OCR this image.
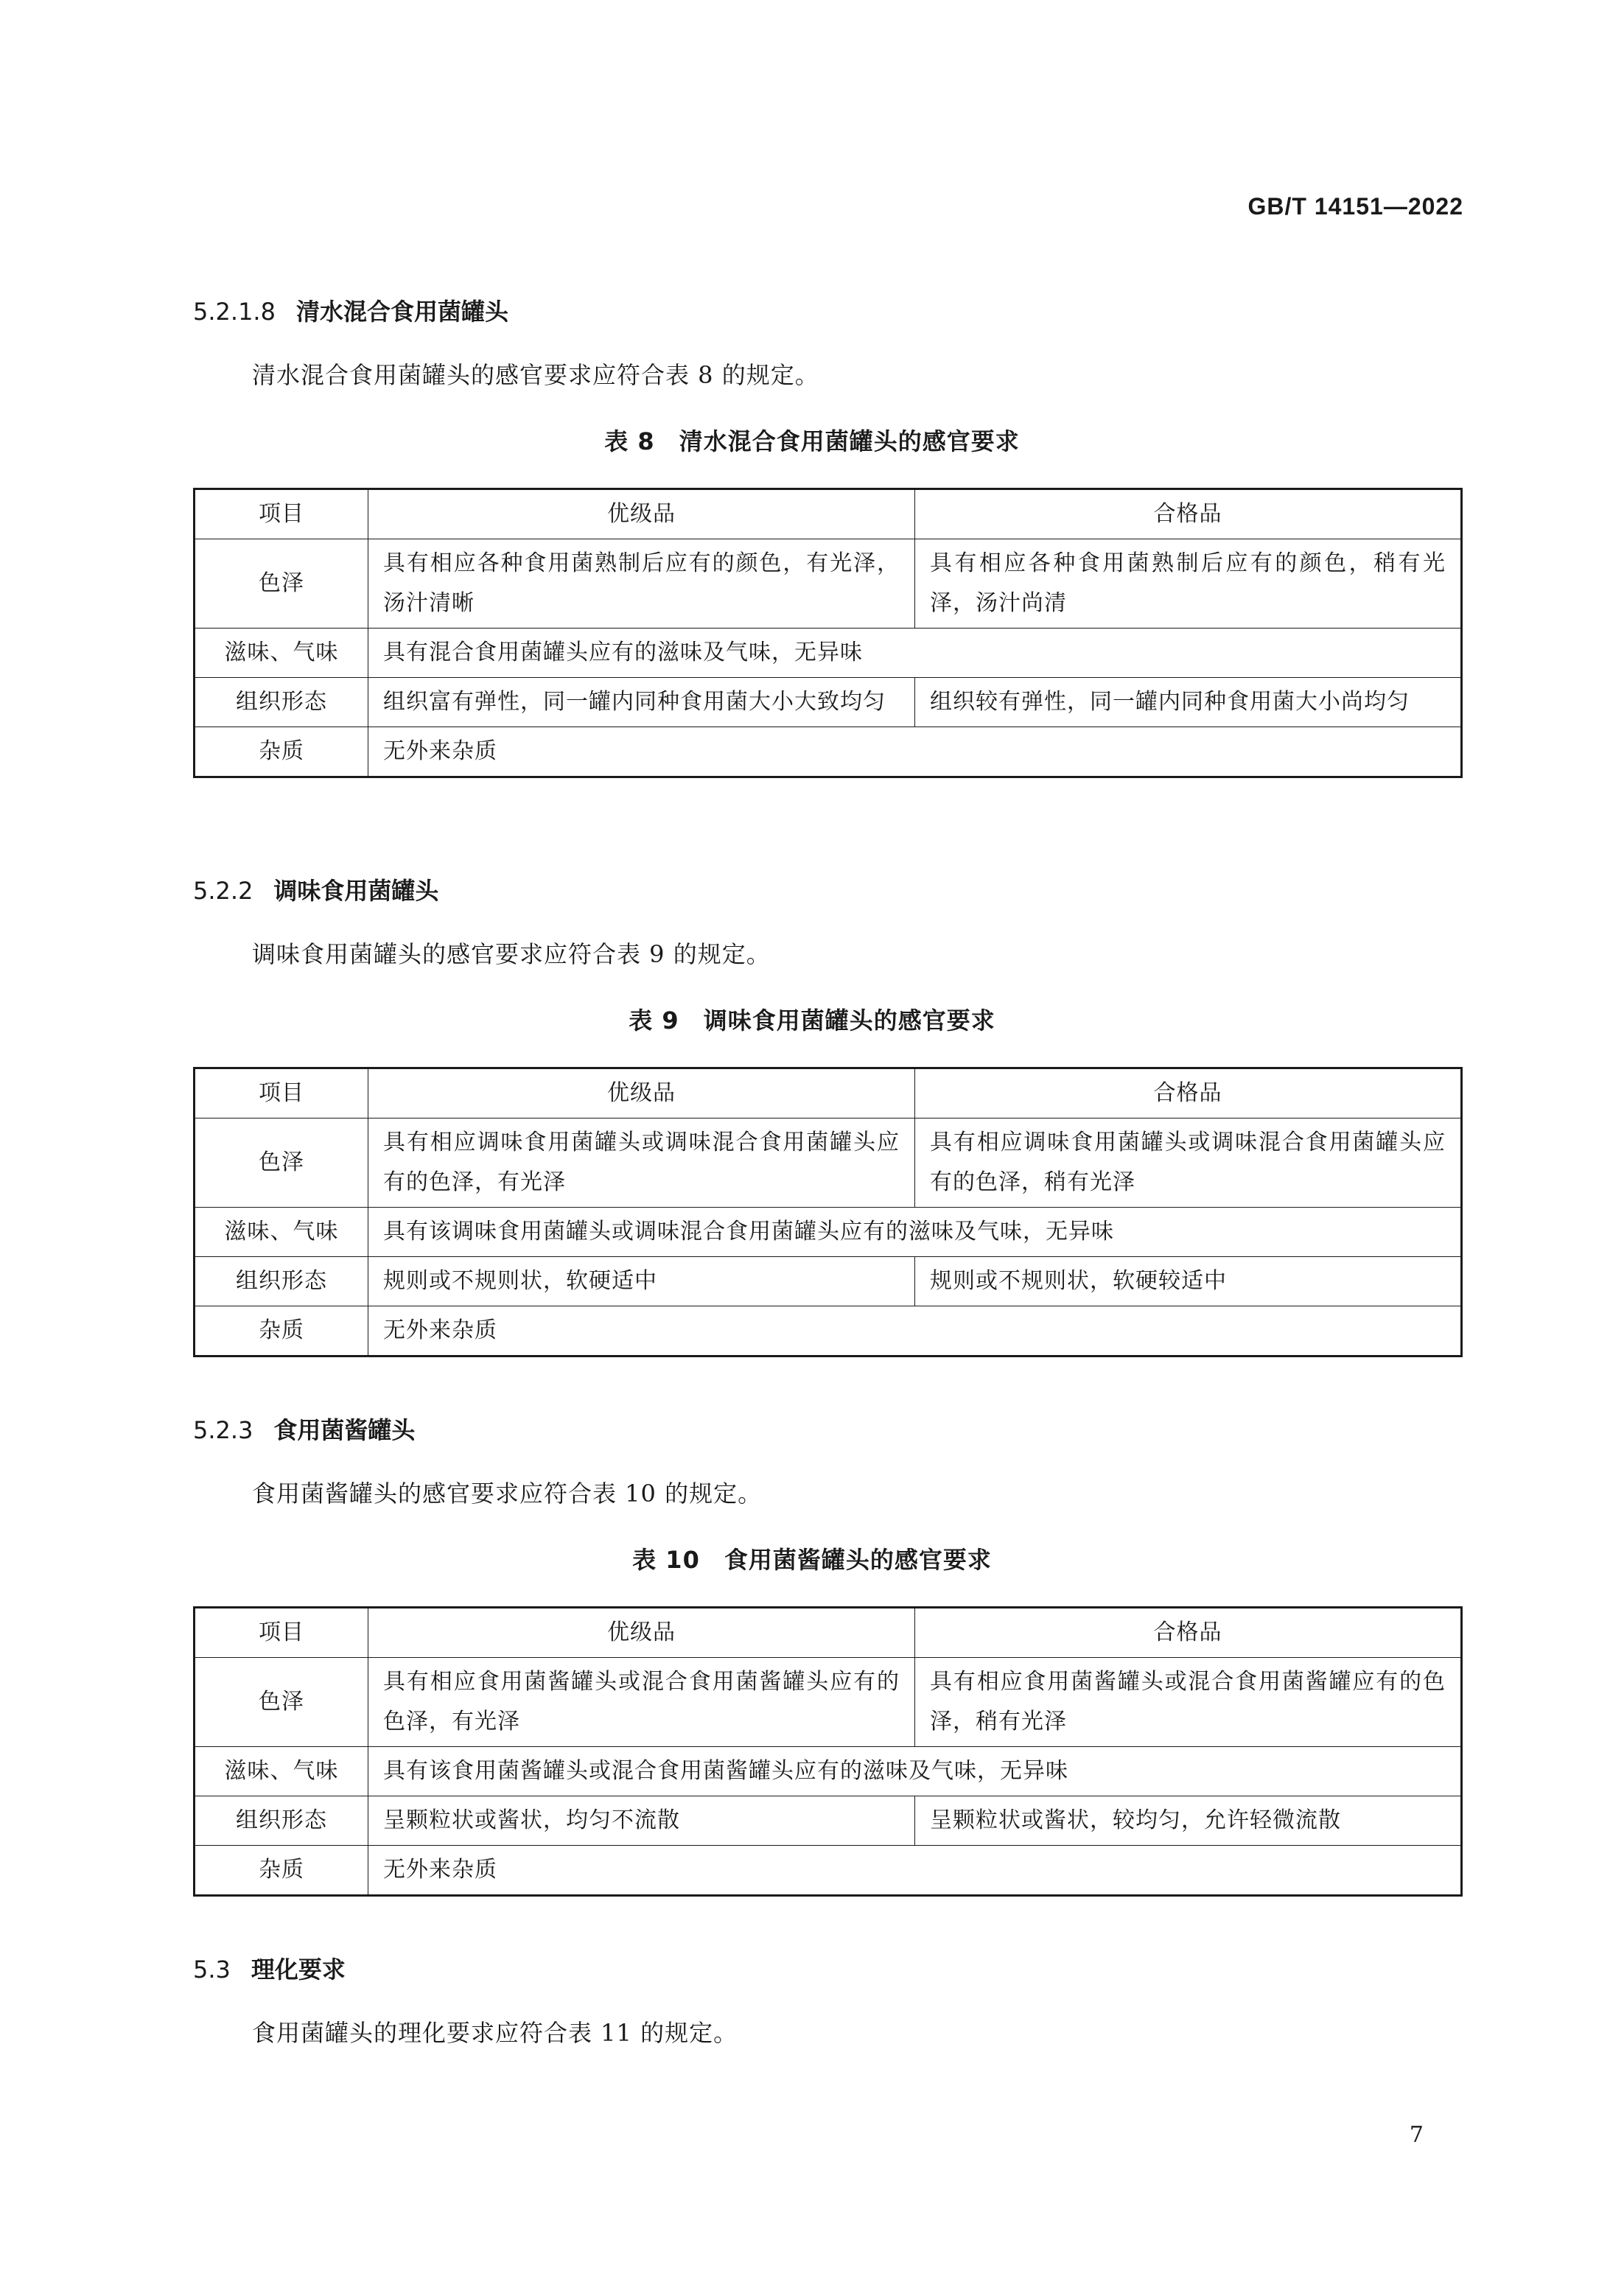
GB/T 14151—2022
5.2.1.8 清水混合食用菌罐头
清水混合食用菌罐头的感官要求应符合表 8 的规定。
表 8　清水混合食用菌罐头的感官要求
项目	优级品	合格品
色泽	具有相应各种食用菌熟制后应有的颜色，有光泽，汤汁清晰	具有相应各种食用菌熟制后应有的颜色，稍有光泽，汤汁尚清
滋味、气味	具有混合食用菌罐头应有的滋味及气味，无异味	
组织形态	组织富有弹性，同一罐内同种食用菌大小大致均匀	组织较有弹性，同一罐内同种食用菌大小尚均匀
杂质	无外来杂质	
5.2.2 调味食用菌罐头
调味食用菌罐头的感官要求应符合表 9 的规定。
表 9　调味食用菌罐头的感官要求
项目	优级品	合格品
色泽	具有相应调味食用菌罐头或调味混合食用菌罐头应有的色泽，有光泽	具有相应调味食用菌罐头或调味混合食用菌罐头应有的色泽，稍有光泽
滋味、气味	具有该调味食用菌罐头或调味混合食用菌罐头应有的滋味及气味，无异味	
组织形态	规则或不规则状，软硬适中	规则或不规则状，软硬较适中
杂质	无外来杂质	
5.2.3 食用菌酱罐头
食用菌酱罐头的感官要求应符合表 10 的规定。
表 10　食用菌酱罐头的感官要求
项目	优级品	合格品
色泽	具有相应食用菌酱罐头或混合食用菌酱罐头应有的色泽，有光泽	具有相应食用菌酱罐头或混合食用菌酱罐应有的色泽，稍有光泽
滋味、气味	具有该食用菌酱罐头或混合食用菌酱罐头应有的滋味及气味，无异味	
组织形态	呈颗粒状或酱状，均匀不流散	呈颗粒状或酱状，较均匀，允许轻微流散
杂质	无外来杂质	
5.3 理化要求
食用菌罐头的理化要求应符合表 11 的规定。
7
